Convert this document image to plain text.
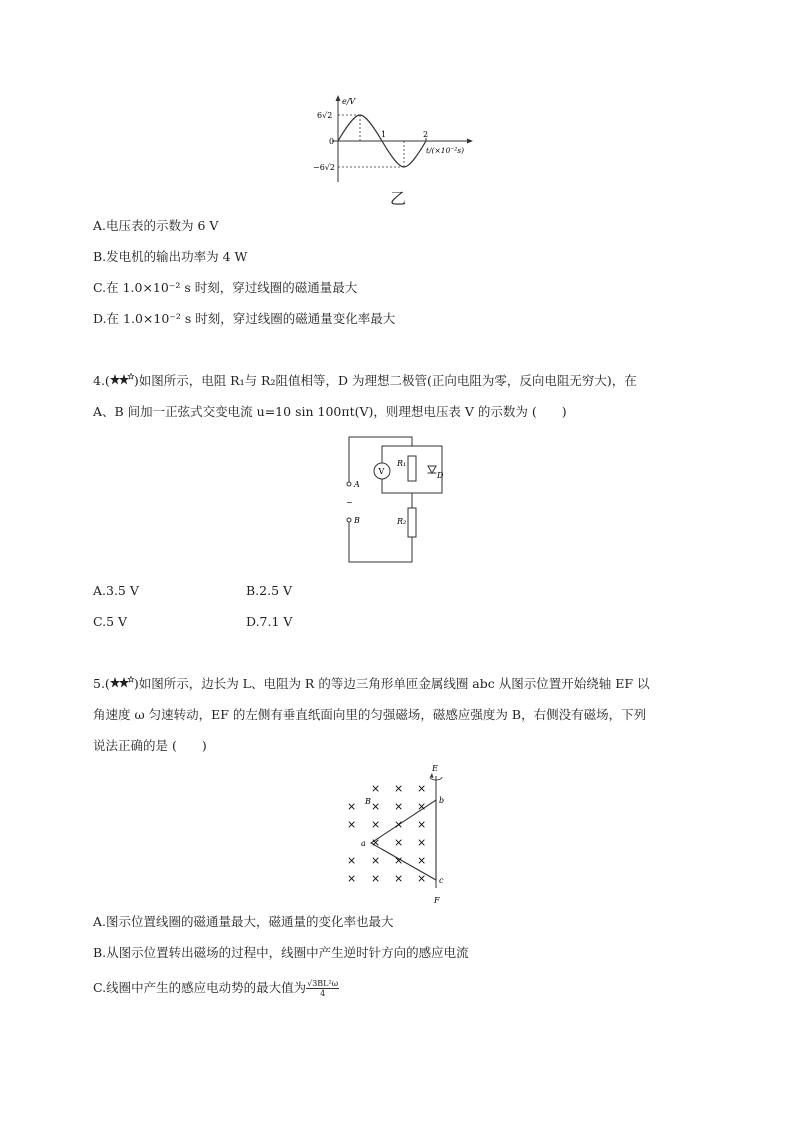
e/V
6√2
0
−6√2
1	2
t/(×10⁻²s)
乙
A.电压表的示数为 6 V
B.发电机的输出功率为 4 W
C.在 1.0×10⁻² s 时刻，穿过线圈的磁通量最大
D.在 1.0×10⁻² s 时刻，穿过线圈的磁通量变化率最大
4.( )如图所示，电阻 R₁与 R₂阻值相等，D 为理想二极管(正向电阻为零，反向电阻无穷大)，在
A、B 间加一正弦式交变电流 u=10 sin 100πt(V)，则理想电压表 V 的示数为 (　　)
V
R₁
D
R₂
A
B
~
A.3.5 V	B.2.5 V
C.5 V	D.7.1 V
5.( )如图所示，边长为 L、电阻为 R 的等边三角形单匝金属线圈 abc 从图示位置开始绕轴 EF 以
角速度 ω 匀速转动，EF 的左侧有垂直纸面向里的匀强磁场，磁感应强度为 B，右侧没有磁场，下列
说法正确的是 (　　)
E
F
a
b
c
B
× × ×
× × × ×
× × × ×
× × ×
× × × ×
× × × ×
A.图示位置线圈的磁通量最大，磁通量的变化率也最大
B.从图示位置转出磁场的过程中，线圈中产生逆时针方向的感应电流
C.线圈中产生的感应电动势的最大值为 $\frac{\text{√3BL²ω}}{4}$
